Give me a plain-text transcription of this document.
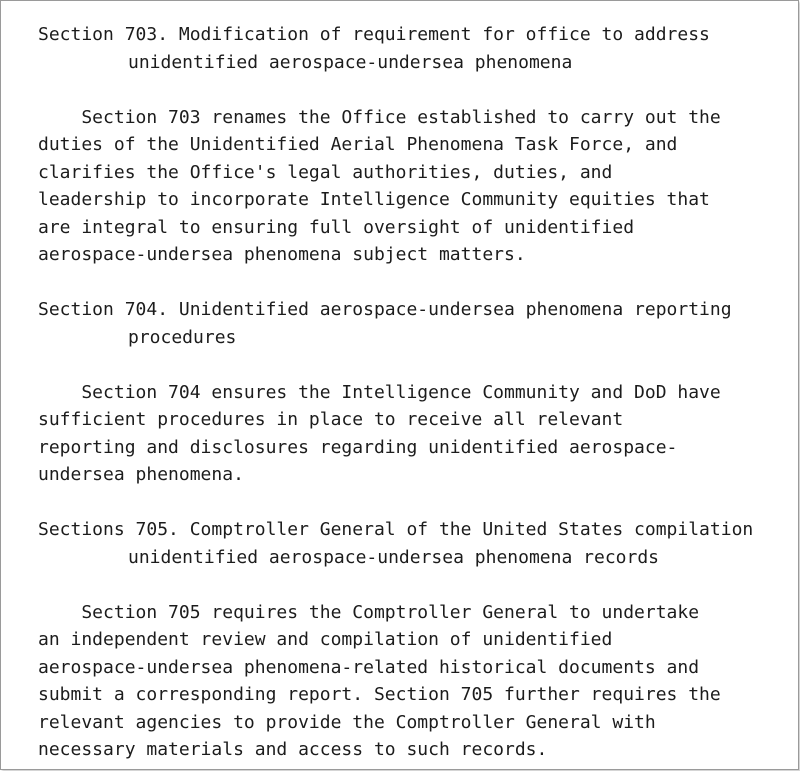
Section 703. Modification of requirement for office to address
unidentified aerospace-undersea phenomena
Section 703 renames the Office established to carry out the
duties of the Unidentified Aerial Phenomena Task Force, and
clarifies the Office's legal authorities, duties, and
leadership to incorporate Intelligence Community equities that
are integral to ensuring full oversight of unidentified
aerospace-undersea phenomena subject matters.
Section 704. Unidentified aerospace-undersea phenomena reporting
procedures
Section 704 ensures the Intelligence Community and DoD have
sufficient procedures in place to receive all relevant
reporting and disclosures regarding unidentified aerospace-
undersea phenomena.
Sections 705. Comptroller General of the United States compilation
unidentified aerospace-undersea phenomena records
Section 705 requires the Comptroller General to undertake
an independent review and compilation of unidentified
aerospace-undersea phenomena-related historical documents and
submit a corresponding report. Section 705 further requires the
relevant agencies to provide the Comptroller General with
necessary materials and access to such records.
